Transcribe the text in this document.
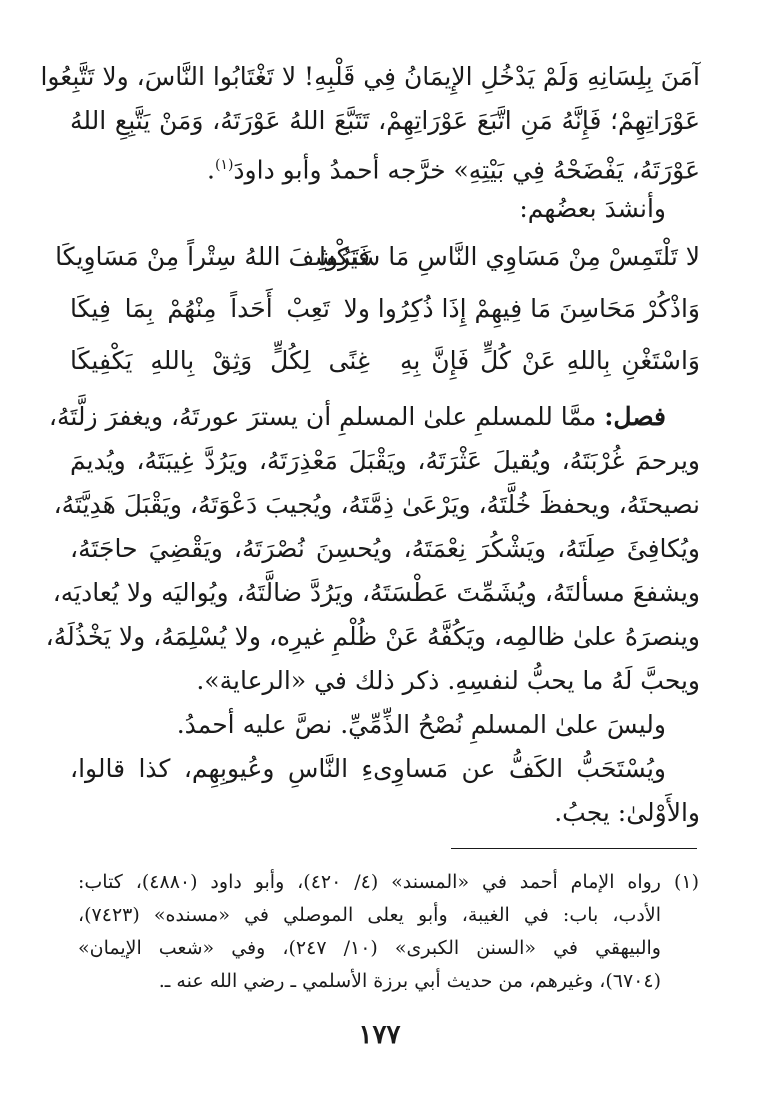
آمَنَ بِلِسَانِهِ وَلَمْ يَدْخُلِ الإِيمَانُ فِي قَلْبِهِ! لا تَغْتَابُوا النَّاسَ، ولا تَتَّبِعُوا
عَوْرَاتِهِمْ؛ فَإِنَّهُ مَنِ اتَّبَعَ عَوْرَاتِهِمْ، تَتَبَّعَ اللهُ عَوْرَتَهُ، وَمَنْ يَتَّبِعِ اللهُ
عَوْرَتَهُ، يَفْضَحْهُ فِي بَيْتِهِ» خرَّجه أحمدُ وأبو داودَ$^{(١)}$.
وأنشدَ بعضُهم:
لا تَلْتَمِسْ مِنْ مَسَاوِي النَّاسِ مَا سَتَرُوا
فَيَكْشِفَ اللهُ سِتْراً مِنْ مَسَاوِيكَا
وَاذْكُرْ مَحَاسِنَ مَا فِيهِمْ إِذَا ذُكِرُوا
ولا تَعِبْ أَحَداً مِنْهُمْ بِمَا فِيكَا
وَاسْتَغْنِ بِاللهِ عَنْ كُلٍّ فَإِنَّ بِهِ
غِنًى لِكُلٍّ وَثِقْ بِاللهِ يَكْفِيكَا
فصل: ممَّا للمسلمِ علىٰ المسلمِ أن يسترَ عورتَهُ، ويغفرَ زلَّتَهُ،
ويرحمَ غُرْبَتَهُ، ويُقيلَ عَثْرَتَهُ، ويَقْبَلَ مَعْذِرَتَهُ، ويَرُدَّ غِيبَتَهُ، ويُديمَ
نصيحتَهُ، ويحفظَ خُلَّتَهُ، ويَرْعَىٰ ذِمَّتَهُ، ويُجيبَ دَعْوَتَهُ، ويَقْبَلَ هَدِيَّتَهُ،
ويُكافِئَ صِلَتَهُ، ويَشْكُرَ نِعْمَتَهُ، ويُحسِنَ نُصْرَتَهُ، ويَقْضِيَ حاجَتَهُ،
ويشفعَ مسألتَهُ، ويُشَمِّتَ عَطْسَتَهُ، ويَرُدَّ ضالَّتَهُ، ويُواليَه ولا يُعاديَه،
وينصرَهُ علىٰ ظالمِه، ويَكُفَّهُ عَنْ ظُلْمِ غيرِه، ولا يُسْلِمَهُ، ولا يَخْذُلَهُ،
ويحبَّ لَهُ ما يحبُّ لنفسِهِ. ذكر ذلك في «الرعاية».
وليسَ علىٰ المسلمِ نُصْحُ الذِّمِّيِّ. نصَّ عليه أحمدُ.
ويُسْتَحَبُّ الكَفُّ عن مَساوِىءِ النَّاسِ وعُيوبِهِم، كذا قالوا،
والأَوْلىٰ: يجبُ.
(١)
رواه الإمام أحمد في «المسند» (٤/ ٤٢٠)، وأبو داود (٤٨٨٠)، كتاب:
الأدب، باب: في الغيبة، وأبو يعلى الموصلي في «مسنده» (٧٤٢٣)،
والبيهقي في «السنن الكبرى» (١٠/ ٢٤٧)، وفي «شعب الإيمان»
(٦٧٠٤)، وغيرهم، من حديث أبي برزة الأسلمي ـ رضي الله عنه ـ.
١٧٧
